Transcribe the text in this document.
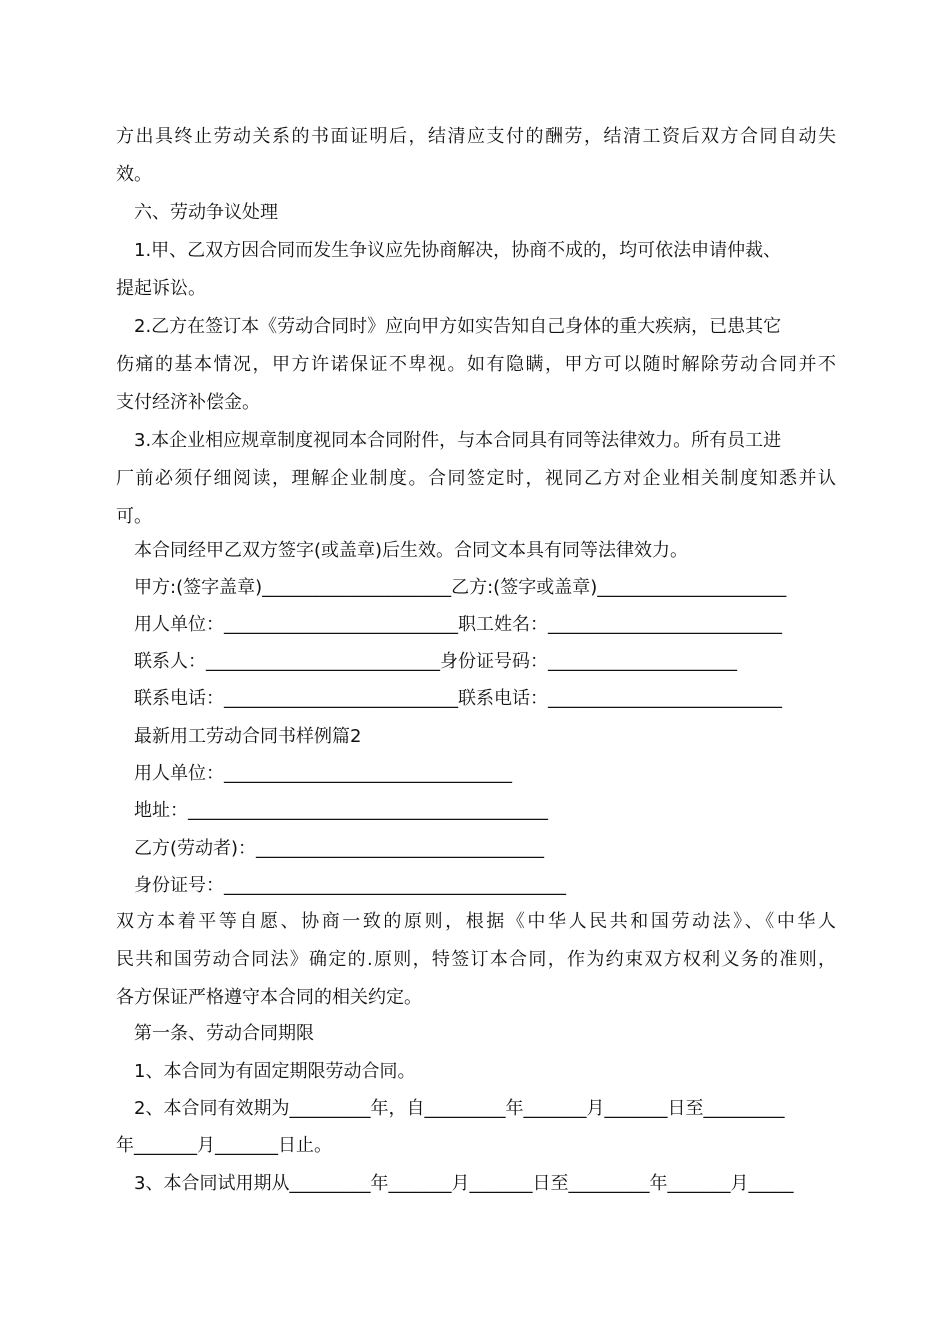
方出具终止劳动关系的书面证明后，结清应支付的酬劳，结清工资后双方合同自动失
效。
六、劳动争议处理
1.甲、乙双方因合同而发生争议应先协商解决，协商不成的，均可依法申请仲裁、
提起诉讼。
2.乙方在签订本《劳动合同时》应向甲方如实告知自己身体的重大疾病，已患其它
伤痛的基本情况，甲方许诺保证不卑视。如有隐瞒，甲方可以随时解除劳动合同并不
支付经济补偿金。
3.本企业相应规章制度视同本合同附件，与本合同具有同等法律效力。所有员工进
厂前必须仔细阅读，理解企业制度。合同签定时，视同乙方对企业相关制度知悉并认
可。
本合同经甲乙双方签字(或盖章)后生效。合同文本具有同等法律效力。
甲方:(签字盖章)_____________________乙方:(签字或盖章)_____________________
用人单位：__________________________职工姓名：__________________________
联系人：__________________________身份证号码：_____________________
联系电话：__________________________联系电话：__________________________
最新用工劳动合同书样例篇2
用人单位：________________________________
地址：________________________________________
乙方(劳动者)：________________________________
身份证号：______________________________________
双方本着平等自愿、协商一致的原则，根据《中华人民共和国劳动法》、《中华人
民共和国劳动合同法》确定的.原则，特签订本合同，作为约束双方权利义务的准则，
各方保证严格遵守本合同的相关约定。
第一条、劳动合同期限
1、本合同为有固定期限劳动合同。
2、本合同有效期为_________年，自_________年_______月_______日至_________
年_______月_______日止。
3、本合同试用期从_________年_______月_______日至_________年_______月_____
